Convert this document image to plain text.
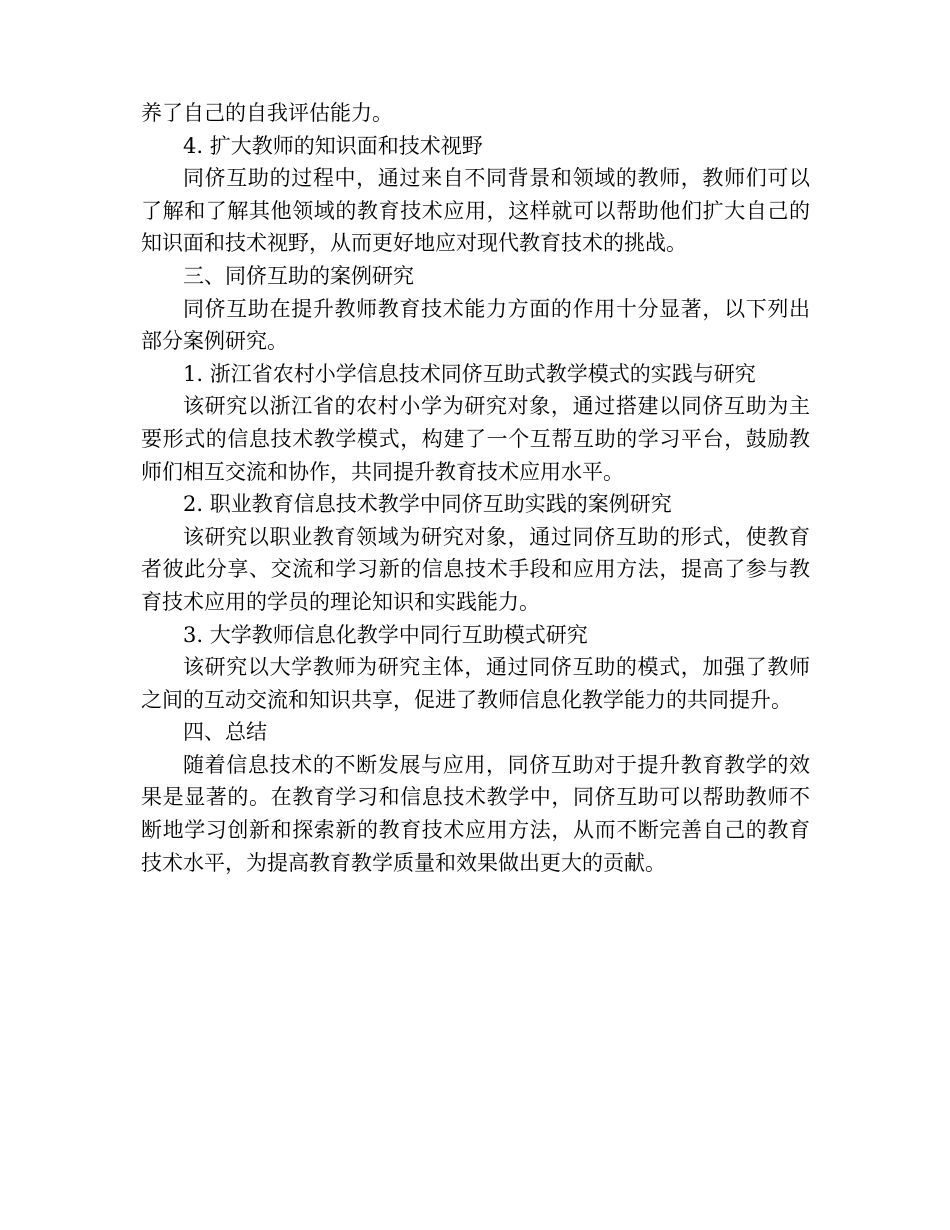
养了自己的自我评估能力。

4. 扩大教师的知识面和技术视野

同侪互助的过程中，通过来自不同背景和领域的教师，教师们可以了解和了解其他领域的教育技术应用，这样就可以帮助他们扩大自己的知识面和技术视野，从而更好地应对现代教育技术的挑战。

三、同侪互助的案例研究

同侪互助在提升教师教育技术能力方面的作用十分显著，以下列出部分案例研究。

1. 浙江省农村小学信息技术同侪互助式教学模式的实践与研究

该研究以浙江省的农村小学为研究对象，通过搭建以同侪互助为主要形式的信息技术教学模式，构建了一个互帮互助的学习平台，鼓励教师们相互交流和协作，共同提升教育技术应用水平。

2. 职业教育信息技术教学中同侪互助实践的案例研究

该研究以职业教育领域为研究对象，通过同侪互助的形式，使教育者彼此分享、交流和学习新的信息技术手段和应用方法，提高了参与教育技术应用的学员的理论知识和实践能力。

3. 大学教师信息化教学中同行互助模式研究

该研究以大学教师为研究主体，通过同侪互助的模式，加强了教师之间的互动交流和知识共享，促进了教师信息化教学能力的共同提升。

四、总结

随着信息技术的不断发展与应用，同侪互助对于提升教育教学的效果是显著的。在教育学习和信息技术教学中，同侪互助可以帮助教师不断地学习创新和探索新的教育技术应用方法，从而不断完善自己的教育技术水平，为提高教育教学质量和效果做出更大的贡献。
